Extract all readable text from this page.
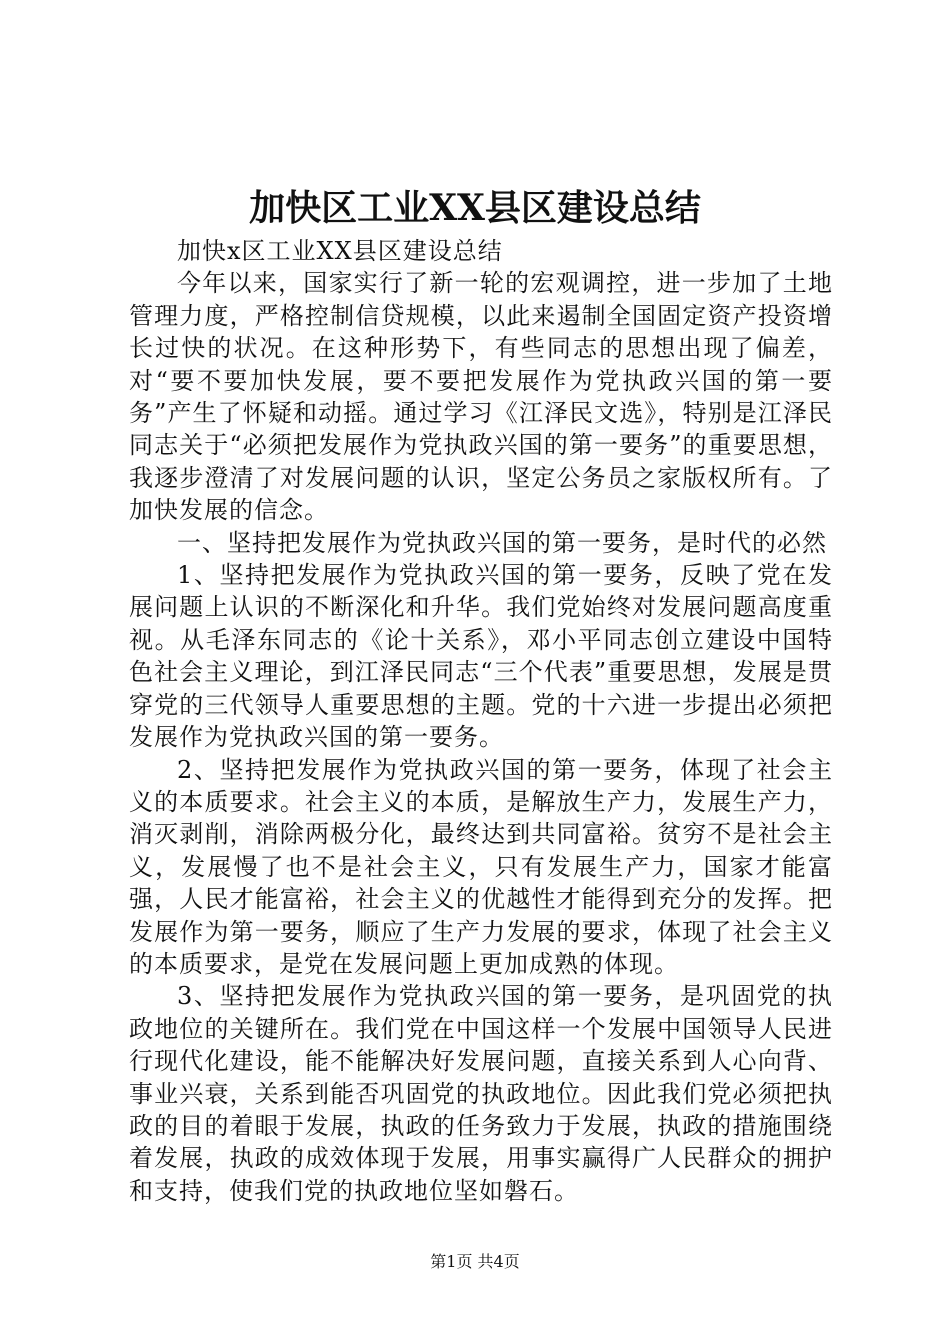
加快区工业XX县区建设总结

加快x区工业XX县区建设总结

今年以来，国家实行了新一轮的宏观调控，进一步加了土地管理力度，严格控制信贷规模，以此来遏制全国固定资产投资增长过快的状况。在这种形势下，有些同志的思想出现了偏差，对“要不要加快发展，要不要把发展作为党执政兴国的第一要务”产生了怀疑和动摇。通过学习《江泽民文选》，特别是江泽民同志关于“必须把发展作为党执政兴国的第一要务”的重要思想，我逐步澄清了对发展问题的认识，坚定公务员之家版权所有。了加快发展的信念。

一、坚持把发展作为党执政兴国的第一要务，是时代的必然

1、坚持把发展作为党执政兴国的第一要务，反映了党在发展问题上认识的不断深化和升华。我们党始终对发展问题高度重视。从毛泽东同志的《论十关系》，邓小平同志创立建设中国特色社会主义理论，到江泽民同志“三个代表”重要思想，发展是贯穿党的三代领导人重要思想的主题。党的十六进一步提出必须把发展作为党执政兴国的第一要务。

2、坚持把发展作为党执政兴国的第一要务，体现了社会主义的本质要求。社会主义的本质，是解放生产力，发展生产力，消灭剥削，消除两极分化，最终达到共同富裕。贫穷不是社会主义，发展慢了也不是社会主义，只有发展生产力，国家才能富强，人民才能富裕，社会主义的优越性才能得到充分的发挥。把发展作为第一要务，顺应了生产力发展的要求，体现了社会主义的本质要求，是党在发展问题上更加成熟的体现。

3、坚持把发展作为党执政兴国的第一要务，是巩固党的执政地位的关键所在。我们党在中国这样一个发展中国领导人民进行现代化建设，能不能解决好发展问题，直接关系到人心向背、事业兴衰，关系到能否巩固党的执政地位。因此我们党必须把执政的目的着眼于发展，执政的任务致力于发展，执政的措施围绕着发展，执政的成效体现于发展，用事实赢得广人民群众的拥护和支持，使我们党的执政地位坚如磐石。

第1页 共4页
